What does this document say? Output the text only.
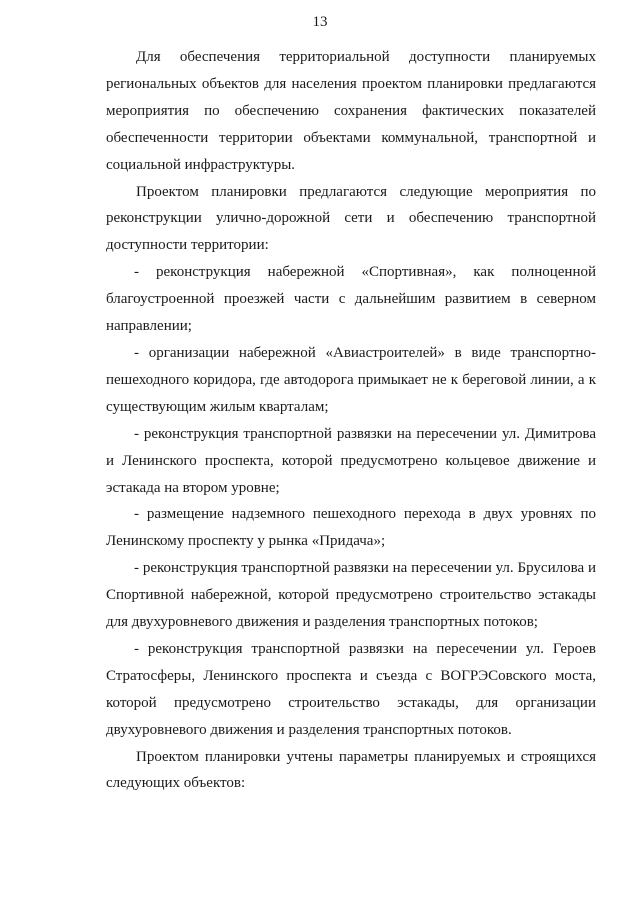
13

Для обеспечения территориальной доступности планируемых региональных объектов для населения проектом планировки предлагаются мероприятия по обеспечению сохранения фактических показателей обеспеченности территории объектами коммунальной, транспортной и социальной инфраструктуры.

Проектом планировки предлагаются следующие мероприятия по реконструкции улично-дорожной сети и обеспечению транспортной доступности территории:

- реконструкция набережной «Спортивная», как полноценной благоустроенной проезжей части с дальнейшим развитием в северном направлении;

- организации набережной «Авиастроителей» в виде транспортно-пешеходного коридора, где автодорога примыкает не к береговой линии, а к существующим жилым кварталам;

- реконструкция транспортной развязки на пересечении ул. Димитрова и Ленинского проспекта, которой предусмотрено кольцевое движение и эстакада на втором уровне;

- размещение надземного пешеходного перехода в двух уровнях по Ленинскому проспекту у рынка «Придача»;

- реконструкция транспортной развязки на пересечении ул. Брусилова и Спортивной набережной, которой предусмотрено строительство эстакады для двухуровневого движения и разделения транспортных потоков;

- реконструкция транспортной развязки на пересечении ул. Героев Стратосферы, Ленинского проспекта и съезда с ВОГРЭСовского моста, которой предусмотрено строительство эстакады, для организации двухуровневого движения и разделения транспортных потоков.

Проектом планировки учтены параметры планируемых и строящихся следующих объектов:
